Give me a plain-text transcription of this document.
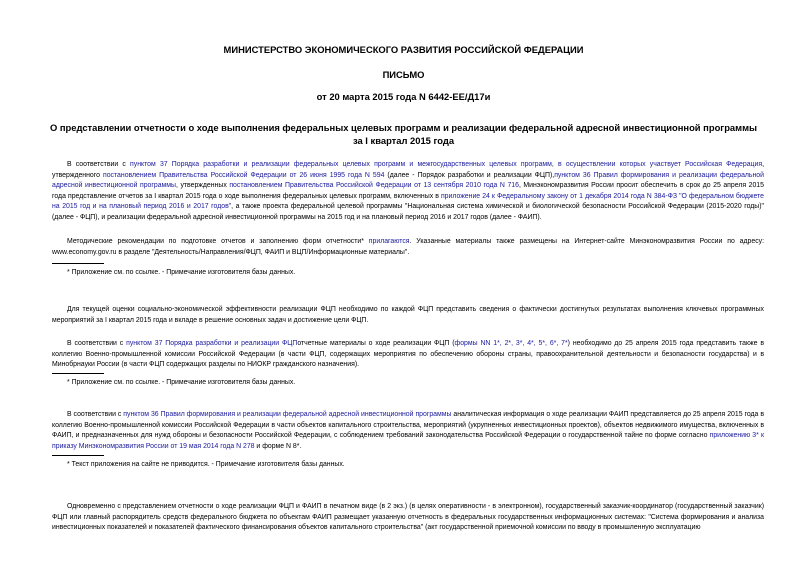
МИНИСТЕРСТВО ЭКОНОМИЧЕСКОГО РАЗВИТИЯ РОССИЙСКОЙ ФЕДЕРАЦИИ
ПИСЬМО
от 20 марта 2015 года N 6442-ЕЕ/Д17и
О представлении отчетности о ходе выполнения федеральных целевых программ и реализации федеральной адресной инвестиционной программы за I квартал 2015 года
В соответствии с пунктом 37 Порядка разработки и реализации федеральных целевых программ и межгосударственных целевых программ, в осуществлении которых участвует Российская Федерация, утвержденного постановлением Правительства Российской Федерации от 26 июня 1995 года N 594 (далее - Порядок разработки и реализации ФЦП),пунктом 36 Правил формирования и реализации федеральной адресной инвестиционной программы, утвержденных постановлением Правительства Российской Федерации от 13 сентября 2010 года N 716, Минэкономразвития России просит обеспечить в срок до 25 апреля 2015 года представление отчетов за I квартал 2015 года о ходе выполнения федеральных целевых программ, включенных в приложение 24 к Федеральному закону от 1 декабря 2014 года N 384-ФЗ "О федеральном бюджете на 2015 год и на плановый период 2016 и 2017 годов", а также проекта федеральной целевой программы "Национальная система химической и биологической безопасности Российской Федерации (2015-2020 годы)" (далее - ФЦП), и реализации федеральной адресной инвестиционной программы на 2015 год и на плановый период 2016 и 2017 годов (далее - ФАИП).
Методические рекомендации по подготовке отчетов и заполнению форм отчетности* прилагаются. Указанные материалы также размещены на Интернет-сайте Минэкономразвития России по адресу: www.economy.gov.ru в разделе "Деятельность/Направления/ФЦП, ФАИП и ВЦП/Информационные материалы".
* Приложение см. по ссылке. - Примечание изготовителя базы данных.
Для текущей оценки социально-экономической эффективности реализации ФЦП необходимо по каждой ФЦП представить сведения о фактически достигнутых результатах выполнения ключевых программных мероприятий за I квартал 2015 года и вкладе в решение основных задач и достижение цели ФЦП.
В соответствии с пунктом 37 Порядка разработки и реализации ФЦПотчетные материалы о ходе реализации ФЦП (формы NN 1*, 2*, 3*, 4*, 5*, 6*, 7*) необходимо до 25 апреля 2015 года представить также в коллегию Военно-промышленной комиссии Российской Федерации (в части ФЦП, содержащих мероприятия по обеспечению обороны страны, правоохранительной деятельности и безопасности государства) и в Минобрнауки России (в части ФЦП содержащих разделы по НИОКР гражданского назначения).
* Приложение см. по ссылке. - Примечание изготовителя базы данных.
В соответствии с пунктом 36 Правил формирования и реализации федеральной адресной инвестиционной программы аналитическая информация о ходе реализации ФАИП представляется до 25 апреля 2015 года в коллегию Военно-промышленной комиссии Российской Федерации в части объектов капитального строительства, мероприятий (укрупненных инвестиционных проектов), объектов недвижимого имущества, включенных в ФАИП, и предназначенных для нужд обороны и безопасности Российской Федерации, с соблюдением требований законодательства Российской Федерации о государственной тайне по форме согласно приложению 3* к приказу Минэкономразвития России от 19 мая 2014 года N 278 и форме N 8*.
* Текст приложения на сайте не приводится. - Примечание изготовителя базы данных.
Одновременно с представлением отчетности о ходе реализации ФЦП и ФАИП в печатном виде (в 2 экз.) (в целях оперативности - в электронном), государственный заказчик-координатор (государственный заказчик) ФЦП или главный распорядитель средств федерального бюджета по объектам ФАИП размещает указанную отчетность в федеральных государственных информационных системах: "Система формирования и анализа инвестиционных показателей и показателей фактического финансирования объектов капитального строительства" (акт государственной приемочной комиссии по вводу в промышленную эксплуатацию
